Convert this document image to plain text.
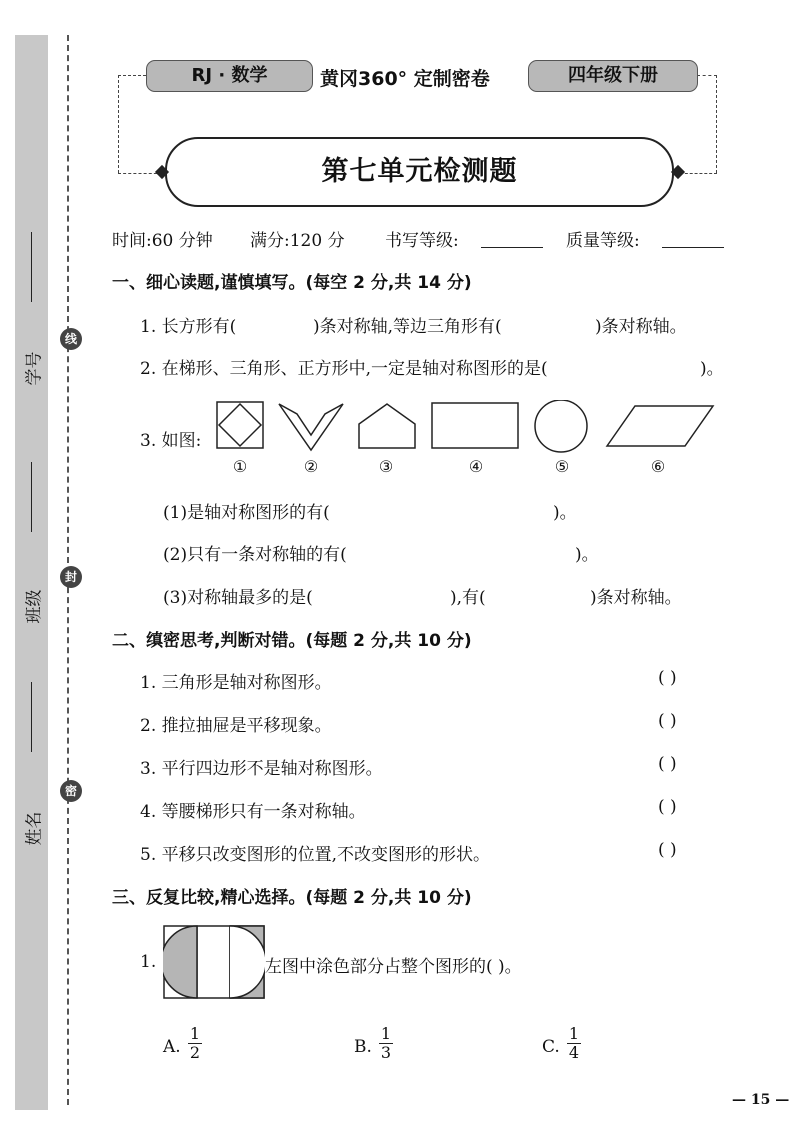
学号
班级
姓名
线
封
密
RJ · 数学	黄冈360° 定制密卷	四年级下册
第七单元检测题
时间:60 分钟 满分:120 分 书写等级:	质量等级:
一、细心读题,谨慎填写。(每空 2 分,共 14 分)
1. 长方形有(	)条对称轴,等边三角形有(	)条对称轴。
2. 在梯形、三角形、正方形中,一定是轴对称图形的是(	)。
3. 如图:
①	②	③	④	⑤	⑥
(1)是轴对称图形的有(	)。
(2)只有一条对称轴的有(	)。
(3)对称轴最多的是(	),有(	)条对称轴。
二、缜密思考,判断对错。(每题 2 分,共 10 分)
1. 三角形是轴对称图形。	( )
2. 推拉抽屉是平移现象。	( )
3. 平行四边形不是轴对称图形。	( )
4. 等腰梯形只有一条对称轴。	( )
5. 平移只改变图形的位置,不改变图形的形状。	( )
三、反复比较,精心选择。(每题 2 分,共 10 分)
1.	左图中涂色部分占整个图形的( )。
A.
1
2	B.
1
3	C.
1
4
— 15 —
